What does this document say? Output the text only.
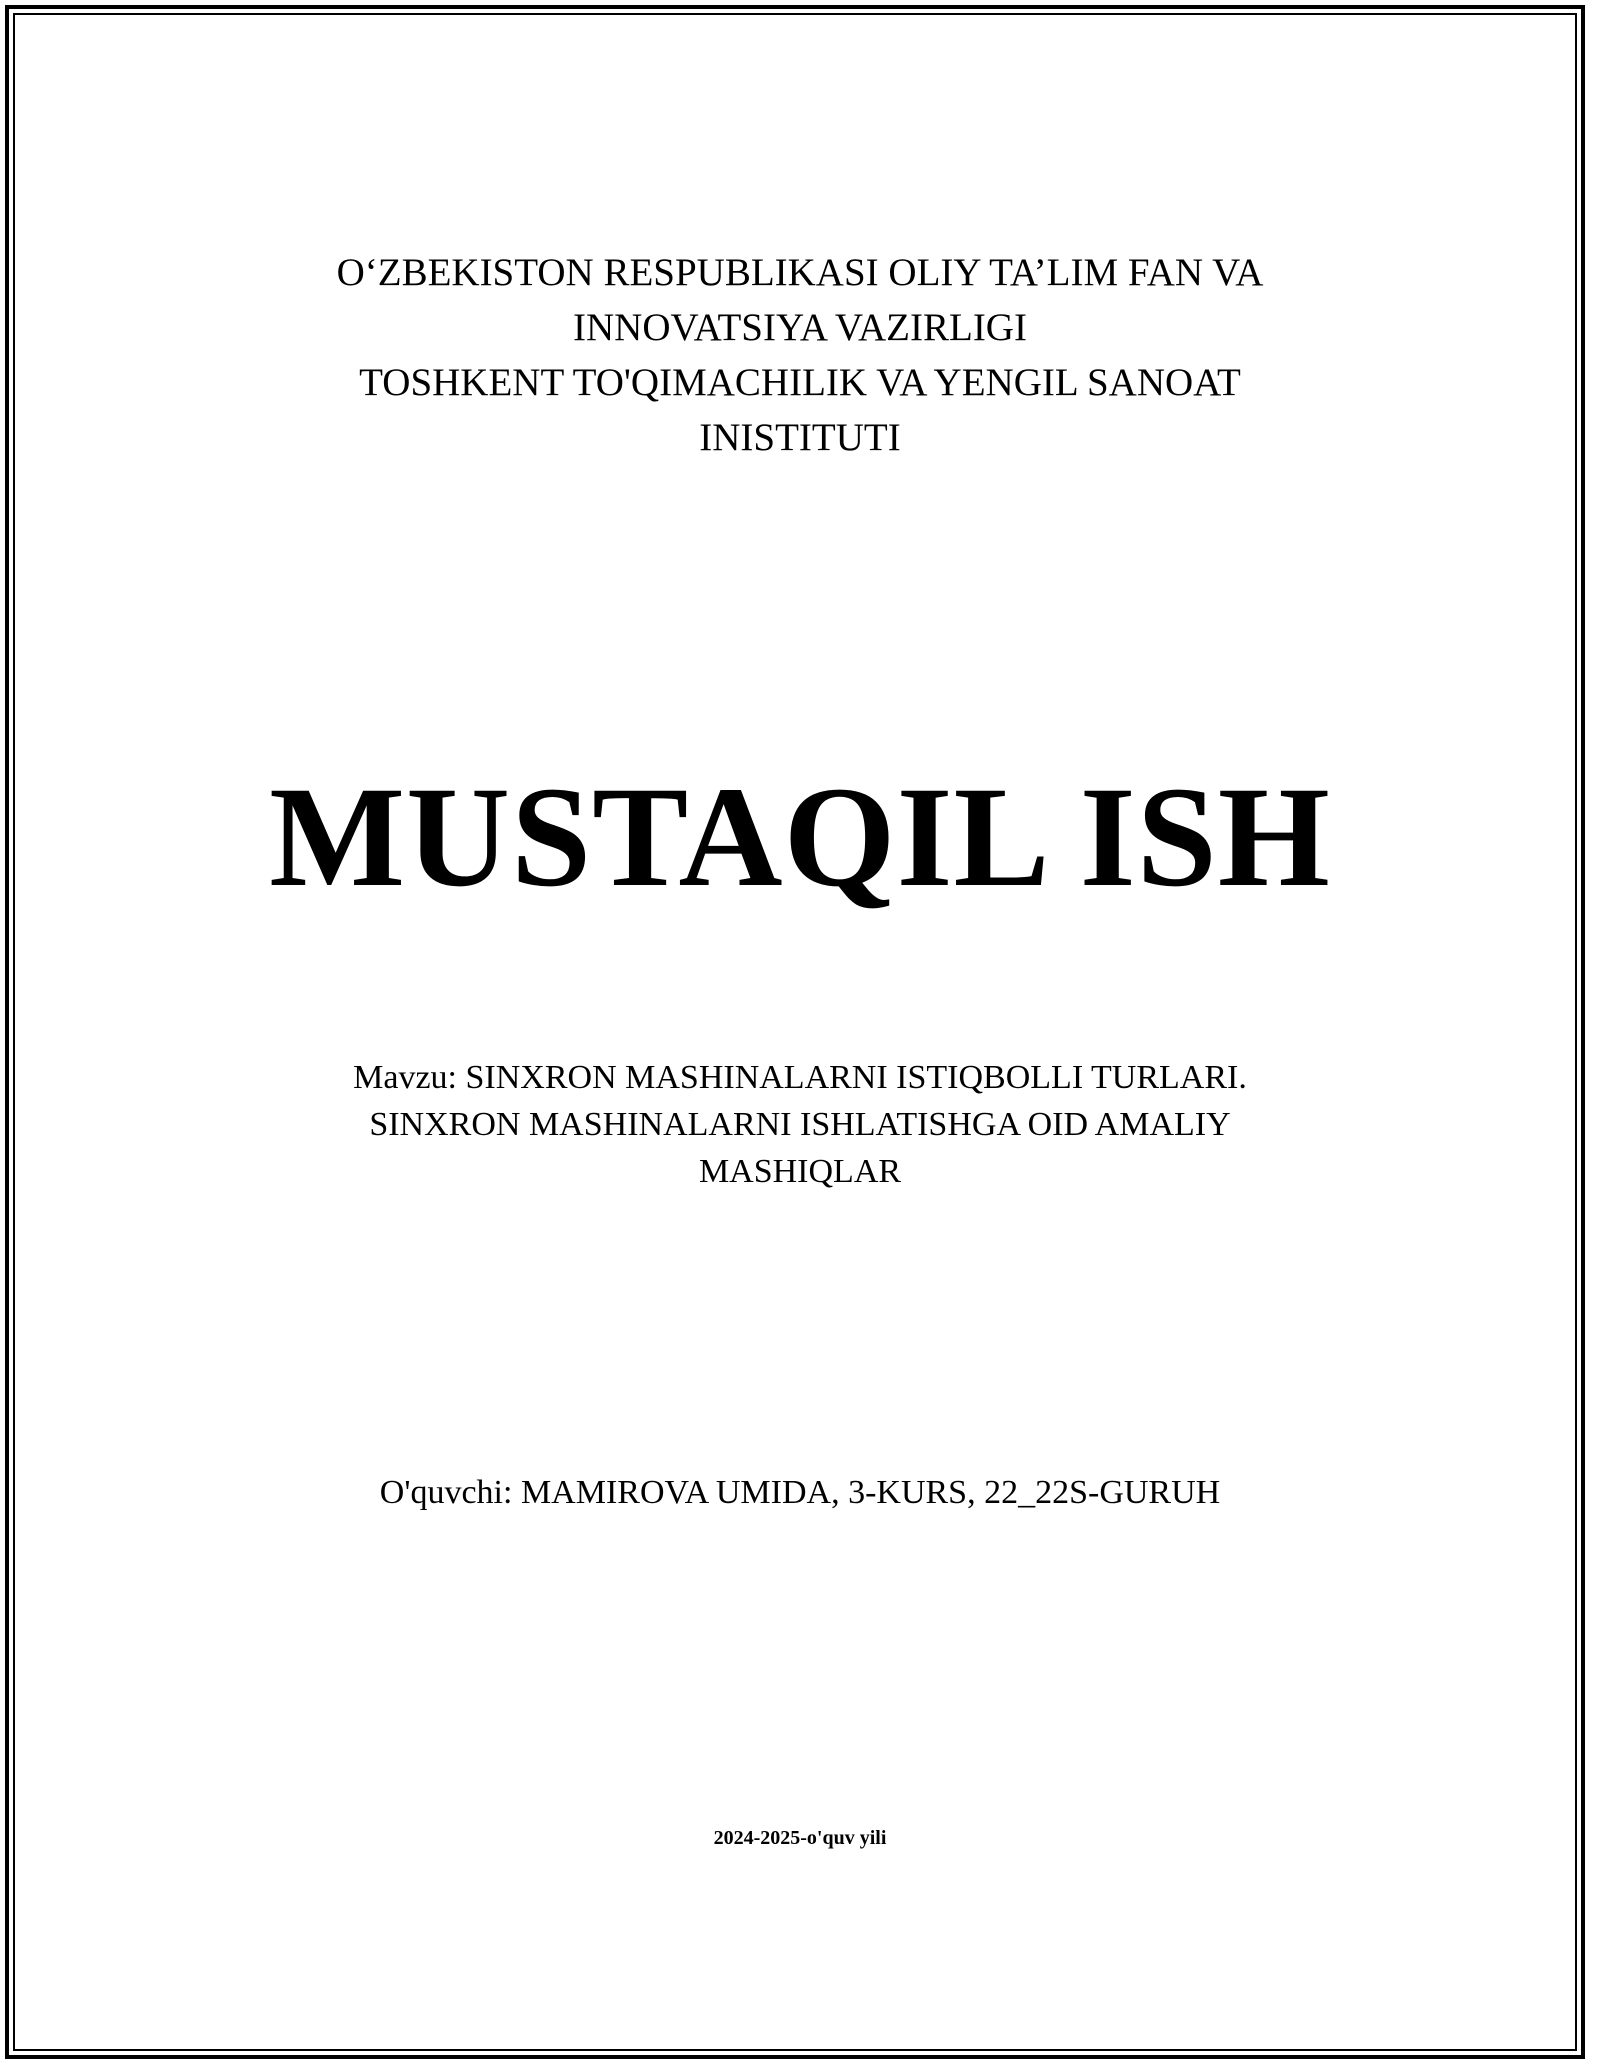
O‘ZBEKISTON RESPUBLIKASI OLIY TA’LIM FAN VA
INNOVATSIYA VAZIRLIGI
TOSHKENT TO'QIMACHILIK VA YENGIL SANOAT
INISTITUTI
MUSTAQIL ISH
Mavzu: SINXRON MASHINALARNI ISTIQBOLLI TURLARI.
SINXRON MASHINALARNI ISHLATISHGA OID AMALIY
MASHIQLAR
O'quvchi: MAMIROVA UMIDA, 3-KURS, 22_22S-GURUH
2024-2025-o'quv yili
